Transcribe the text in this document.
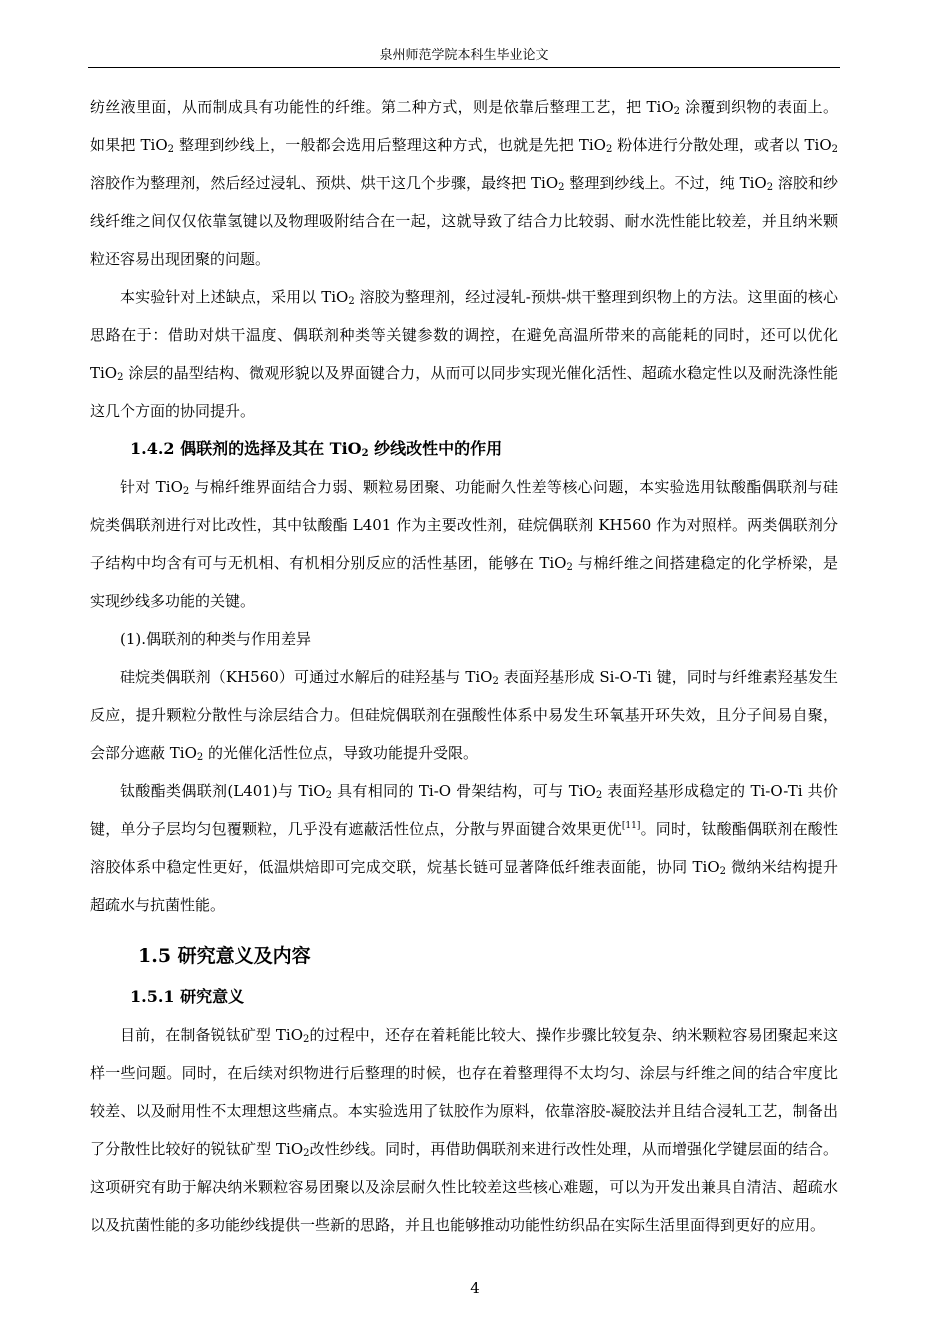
泉州师范学院本科生毕业论文

纺丝液里面，从而制成具有功能性的纤维。第二种方式，则是依靠后整理工艺，把 TiO$_2$ 涂覆到织物的表面上。如果把 TiO$_2$ 整理到纱线上，一般都会选用后整理这种方式，也就是先把 TiO$_2$ 粉体进行分散处理，或者以 TiO$_2$ 溶胶作为整理剂，然后经过浸轧、预烘、烘干这几个步骤，最终把 TiO$_2$ 整理到纱线上。不过，纯 TiO$_2$ 溶胶和纱线纤维之间仅仅依靠氢键以及物理吸附结合在一起，这就导致了结合力比较弱、耐水洗性能比较差，并且纳米颗粒还容易出现团聚的问题。

本实验针对上述缺点，采用以 TiO$_2$ 溶胶为整理剂，经过浸轧-预烘-烘干整理到织物上的方法。这里面的核心思路在于：借助对烘干温度、偶联剂种类等关键参数的调控，在避免高温所带来的高能耗的同时，还可以优化 TiO$_2$ 涂层的晶型结构、微观形貌以及界面键合力，从而可以同步实现光催化活性、超疏水稳定性以及耐洗涤性能这几个方面的协同提升。

1.4.2 偶联剂的选择及其在 TiO$_2$ 纱线改性中的作用

针对 TiO$_2$ 与棉纤维界面结合力弱、颗粒易团聚、功能耐久性差等核心问题，本实验选用钛酸酯偶联剂与硅烷类偶联剂进行对比改性，其中钛酸酯 L401 作为主要改性剂，硅烷偶联剂 KH560 作为对照样。两类偶联剂分子结构中均含有可与无机相、有机相分别反应的活性基团，能够在 TiO$_2$ 与棉纤维之间搭建稳定的化学桥梁，是实现纱线多功能的关键。

(1).偶联剂的种类与作用差异

硅烷类偶联剂（KH560）可通过水解后的硅羟基与 TiO$_2$ 表面羟基形成 Si-O-Ti 键，同时与纤维素羟基发生反应，提升颗粒分散性与涂层结合力。但硅烷偶联剂在强酸性体系中易发生环氧基开环失效，且分子间易自聚，会部分遮蔽 TiO$_2$ 的光催化活性位点，导致功能提升受限。

钛酸酯类偶联剂(L401)与 TiO$_2$ 具有相同的 Ti-O 骨架结构，可与 TiO$_2$ 表面羟基形成稳定的 Ti-O-Ti 共价键，单分子层均匀包覆颗粒，几乎没有遮蔽活性位点，分散与界面键合效果更优[11]。同时，钛酸酯偶联剂在酸性溶胶体系中稳定性更好，低温烘焙即可完成交联，烷基长链可显著降低纤维表面能，协同 TiO$_2$ 微纳米结构提升超疏水与抗菌性能。

1.5 研究意义及内容
1.5.1 研究意义

目前，在制备锐钛矿型 TiO$_2$的过程中，还存在着耗能比较大、操作步骤比较复杂、纳米颗粒容易团聚起来这样一些问题。同时，在后续对织物进行后整理的时候，也存在着整理得不太均匀、涂层与纤维之间的结合牢度比较差、以及耐用性不太理想这些痛点。本实验选用了钛胶作为原料，依靠溶胶-凝胶法并且结合浸轧工艺，制备出了分散性比较好的锐钛矿型 TiO$_2$改性纱线。同时，再借助偶联剂来进行改性处理，从而增强化学键层面的结合。这项研究有助于解决纳米颗粒容易团聚以及涂层耐久性比较差这些核心难题，可以为开发出兼具自清洁、超疏水以及抗菌性能的多功能纱线提供一些新的思路，并且也能够推动功能性纺织品在实际生活里面得到更好的应用。

4
